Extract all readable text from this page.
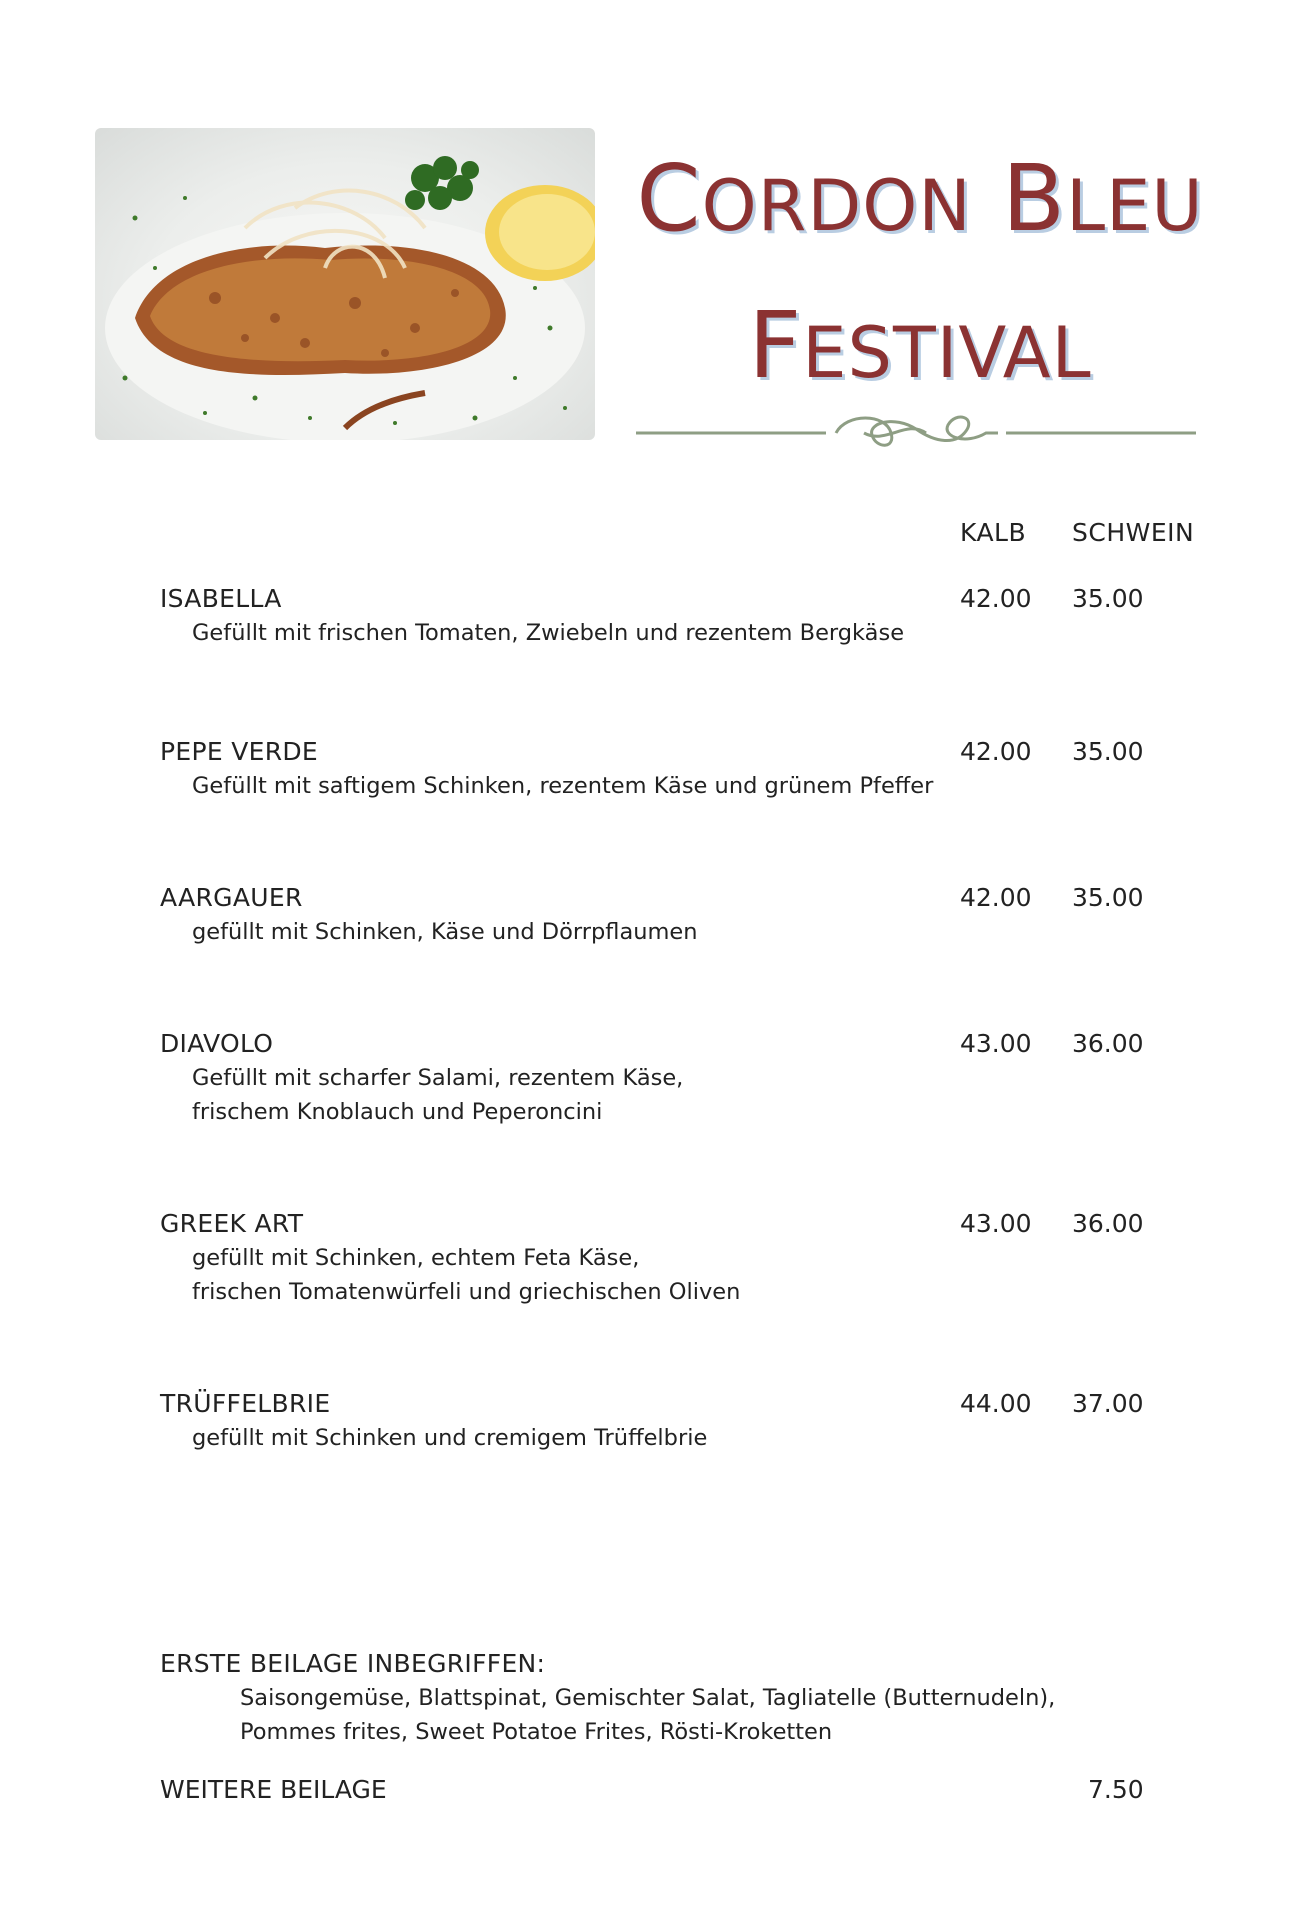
CORDON BLEU
FESTIVAL
KALB SCHWEIN
ISABELLA
Gefüllt mit frischen Tomaten, Zwiebeln und rezentem Bergkäse
42.00 35.00
PEPE VERDE
Gefüllt mit saftigem Schinken, rezentem Käse und grünem Pfeffer
42.00 35.00
AARGAUER
gefüllt mit Schinken, Käse und Dörrpflaumen
42.00 35.00
DIAVOLO
Gefüllt mit scharfer Salami, rezentem Käse,
frischem Knoblauch und Peperoncini
43.00 36.00
GREEK ART
gefüllt mit Schinken, echtem Feta Käse,
frischen Tomatenwürfeli und griechischen Oliven
43.00 36.00
TRÜFFELBRIE
gefüllt mit Schinken und cremigem Trüffelbrie
44.00 37.00
ERSTE BEILAGE INBEGRIFFEN:
Saisongemüse, Blattspinat, Gemischter Salat, Tagliatelle (Butternudeln),
Pommes frites, Sweet Potatoe Frites, Rösti-Kroketten
WEITERE BEILAGE	7.50
